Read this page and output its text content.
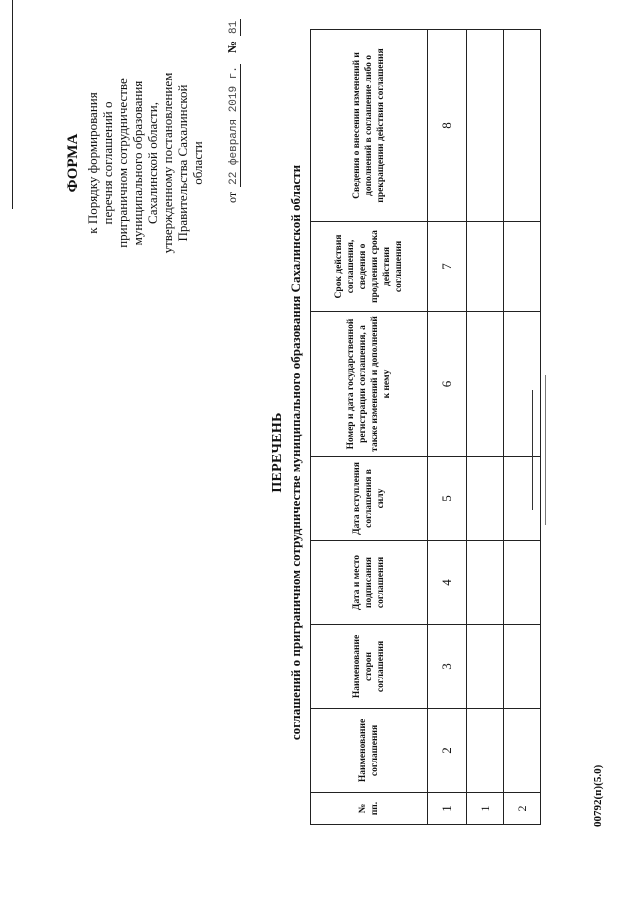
ФОРМА к Порядку формирования перечня соглашений о приграничном сотрудничестве муниципального образования Сахалинской области, утвержденному постановлением Правительства Сахалинской области
от 22 февраля 2019 г. № 81
ПЕРЕЧЕНЬ соглашений о приграничном сотрудничестве муниципального образования Сахалинской области
№ пп.	Наименование соглашения	Наименование сторон соглашения	Дата и место подписания соглашения	Дата вступления соглашения в силу	Номер и дата государственной регистрации соглашения, а также изменений и дополнений к нему	Срок действия соглашения, сведения о продлении срока действия соглашения	Сведения о внесении изменений и дополнений в соглашение либо о прекращении действия соглашения
1	2	3	4	5	6	7	8
1							
2								00792(п)(5.0)
